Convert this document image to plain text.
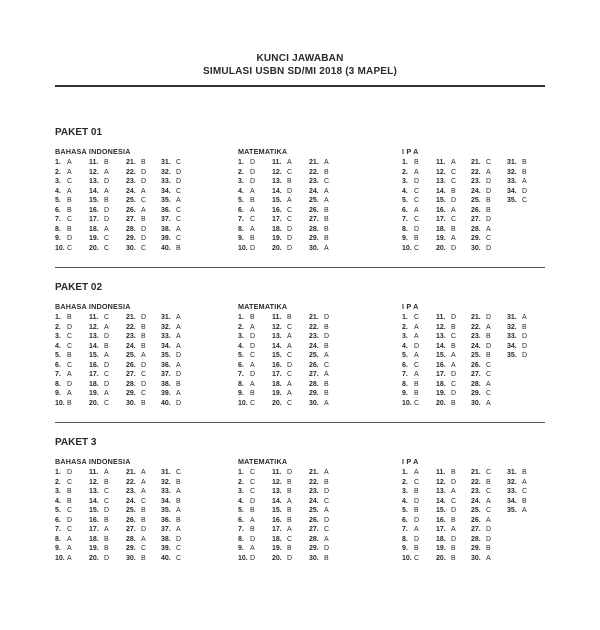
KUNCI JAWABAN
SIMULASI USBN SD/MI 2018 (3 MAPEL)
PAKET 01
BAHASA INDONESIA
1. A
2. A
3. C
4. A
5. B
6. B
7. C
8. B
9. D
10. C
11. B
12. A
13. D
14. A
15. B
16. D
17. D
18. A
19. C
20. C
21. B
22. D
23. D
24. A
25. C
26. A
27. B
28. D
29. D
30. C
31. C
32. D
33. D
34. C
35. A
36. C
37. C
38. A
39. C
40. B
MATEMATIKA
1. D
2. D
3. D
4. A
5. B
6. A
7. C
8. A
9. B
10. D
11. A
12. C
13. B
14. D
15. A
16. C
17. C
18. D
19. D
20. D
21. A
22. B
23. C
24. A
25. A
26. B
27. B
28. B
29. B
30. A
I P A
1. B
2. A
3. D
4. C
5. C
6. A
7. C
8. D
9. B
10. C
11. A
12. C
13. C
14. B
15. D
16. A
17. C
18. B
19. A
20. D
21. C
22. A
23. D
24. D
25. B
26. B
27. D
28. A
29. C
30. D
31. B
32. B
33. A
34. D
35. C
PAKET 02
BAHASA INDONESIA
1. B
2. D
3. C
4. C
5. B
6. C
7. A
8. D
9. A
10. B
11. C
12. A
13. D
14. B
15. A
16. D
17. C
18. D
19. A
20. C
21. D
22. B
23. B
24. B
25. A
26. D
27. C
28. D
29. C
30. B
31. A
32. A
33. A
34. A
35. D
36. A
37. D
38. B
39. A
40. D
MATEMATIKA
1. B
2. A
3. D
4. D
5. C
6. A
7. D
8. A
9. B
10. C
11. B
12. C
13. A
14. A
15. C
16. D
17. C
18. A
19. A
20. C
21. D
22. B
23. D
24. B
25. A
26. C
27. A
28. B
29. B
30. A
I P A
1. C
2. A
3. A
4. D
5. A
6. C
7. A
8. B
9. B
10. C
11. D
12. B
13. C
14. B
15. A
16. A
17. D
18. C
19. D
20. B
21. D
22. A
23. B
24. D
25. B
26. C
27. C
28. A
29. C
30. A
31. A
32. B
33. D
34. D
35. D
PAKET 3
BAHASA INDONESIA
1. D
2. C
3. B
4. B
5. C
6. D
7. C
8. A
9. A
10. A
11. A
12. B
13. C
14. C
15. D
16. B
17. A
18. B
19. B
20. D
21. A
22. A
23. A
24. C
25. B
26. B
27. D
28. A
29. C
30. B
31. C
32. B
33. A
34. B
35. A
36. B
37. A
38. D
39. C
40. C
MATEMATIKA
1. C
2. C
3. C
4. D
5. B
6. A
7. B
8. D
9. A
10. D
11. D
12. B
13. B
14. A
15. B
16. B
17. A
18. C
19. B
20. D
21. A
22. B
23. D
24. C
25. A
26. D
27. C
28. A
29. D
30. B
I P A
1. A
2. C
3. B
4. D
5. B
6. D
7. A
8. D
9. B
10. C
11. B
12. D
13. A
14. C
15. D
16. B
17. A
18. D
19. B
20. B
21. C
22. B
23. C
24. A
25. C
26. A
27. D
28. D
29. B
30. A
31. B
32. A
33. C
34. B
35. A
